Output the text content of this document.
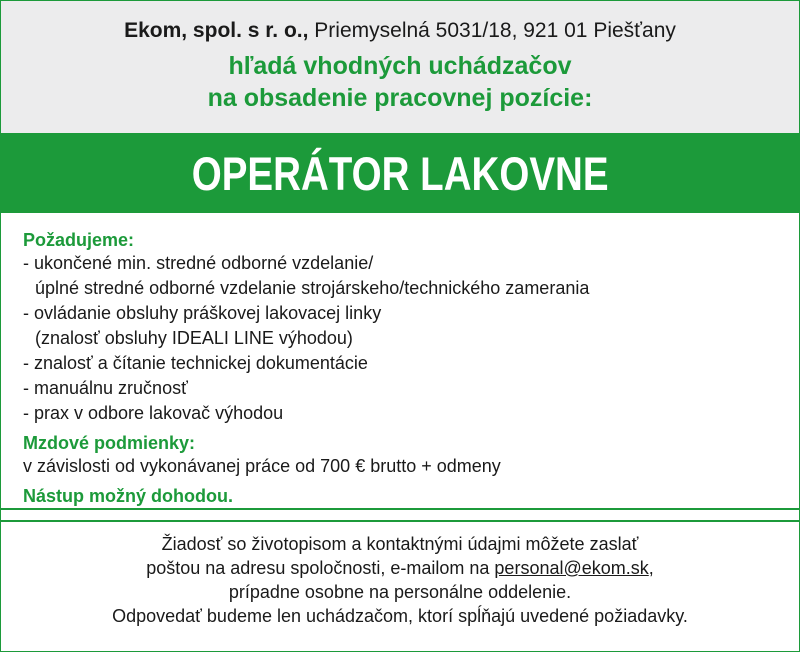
Ekom, spol. s r. o., Priemyselná 5031/18, 921 01 Piešťany
hľadá vhodných uchádzačov
na obsadenie pracovnej pozície:
OPERÁTOR LAKOVNE
Požadujeme:
- ukončené min. stredné odborné vzdelanie/
úplné stredné odborné vzdelanie strojárskeho/technického zamerania
- ovládanie obsluhy práškovej lakovacej linky
(znalosť obsluhy IDEALI LINE výhodou)
- znalosť a čítanie technickej dokumentácie
- manuálnu zručnosť
- prax v odbore lakovač výhodou
Mzdové podmienky:
v závislosti od vykonávanej práce od 700 € brutto + odmeny
Nástup možný dohodou.
Žiadosť so životopisom a kontaktnými údajmi môžete zaslať
poštou na adresu spoločnosti, e-mailom na personal@ekom.sk,
prípadne osobne na personálne oddelenie.
Odpovedať budeme len uchádzačom, ktorí spĺňajú uvedené požiadavky.
